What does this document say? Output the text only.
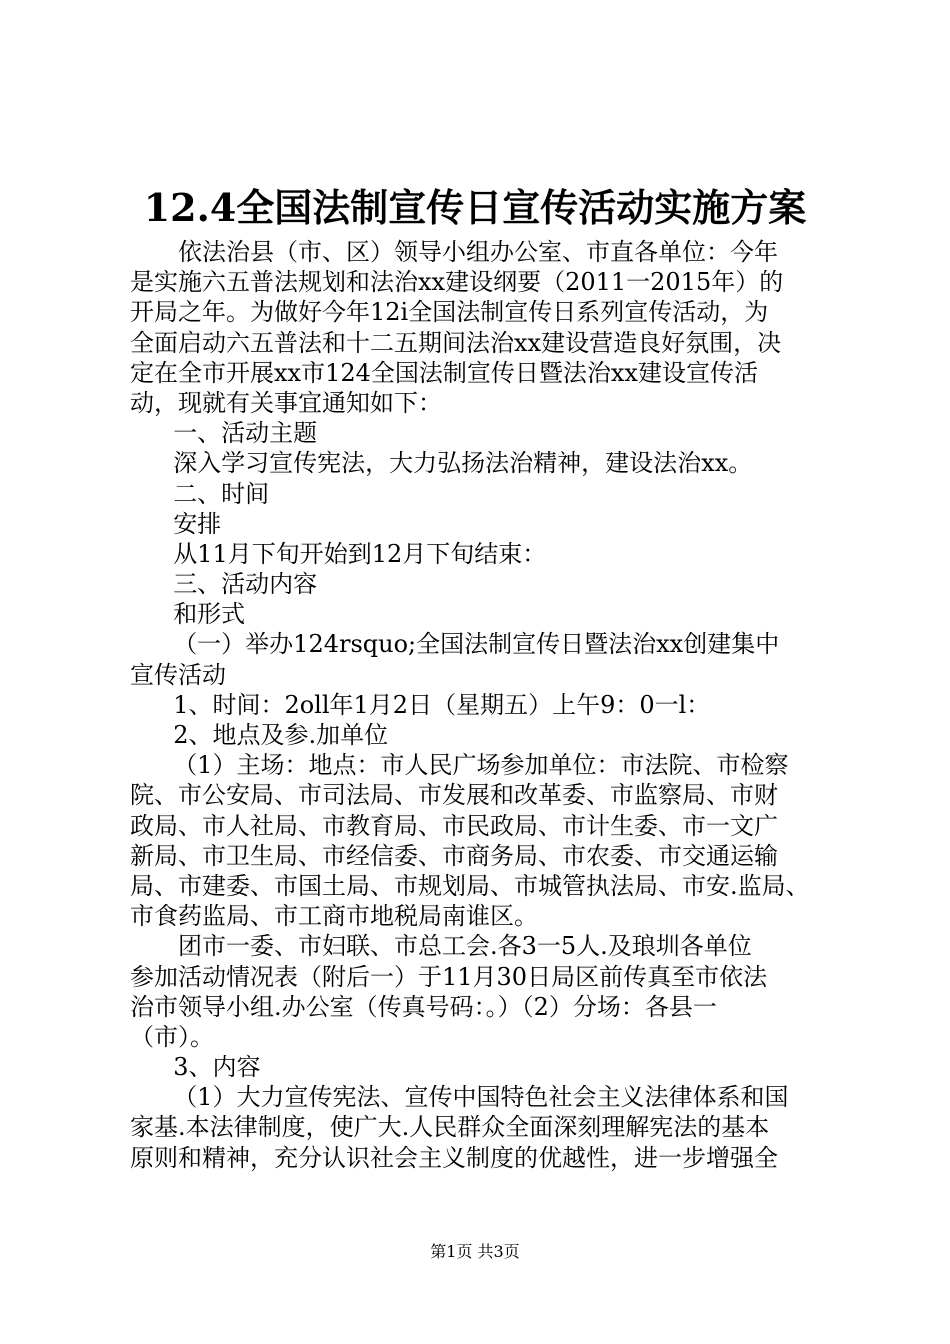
12.4全国法制宣传日宣传活动实施方案
依法治县（市、区）领导小组办公室、市直各单位：今年
是实施六五普法规划和法治xx建设纲要（2011一2015年）的
开局之年。为做好今年12i全国法制宣传日系列宣传活动，为
全面启动六五普法和十二五期间法治xx建设营造良好氛围，决
定在全市开展xx市124全国法制宣传日暨法治xx建设宣传活
动，现就有关事宜通知如下：
一、活动主题
深入学习宣传宪法，大力弘扬法治精神，建设法治xx。
二、时间
安排
从11月下旬开始到12月下旬结束：
三、活动内容
和形式
（一）举办124rsquo;全国法制宣传日暨法治xx创建集中
宣传活动
1、时间：2oll年1月2日（星期五）上午9：0一l：
2、地点及参.加单位
（1）主场：地点：市人民广场参加单位：市法院、市检察
院、市公安局、市司法局、市发展和改革委、市监察局、市财
政局、市人社局、市教育局、市民政局、市计生委、市一文广
新局、市卫生局、市经信委、市商务局、市农委、市交通运输
局、市建委、市国土局、市规划局、市城管执法局、市安.监局、
市食药监局、市工商市地税局南谁区。
团市一委、市妇联、市总工会.各3一5人.及琅圳各单位
参加活动情况表（附后一）于11月30日局区前传真至市依法
治市领导小组.办公室（传真号码：。）（2）分场：各县一
（市）。
3、内容
（1）大力宣传宪法、宣传中国特色社会主义法律体系和国
家基.本法律制度，使广大.人民群众全面深刻理解宪法的基本
原则和精神，充分认识社会主义制度的优越性，进一步增强全
第1页 共3页
